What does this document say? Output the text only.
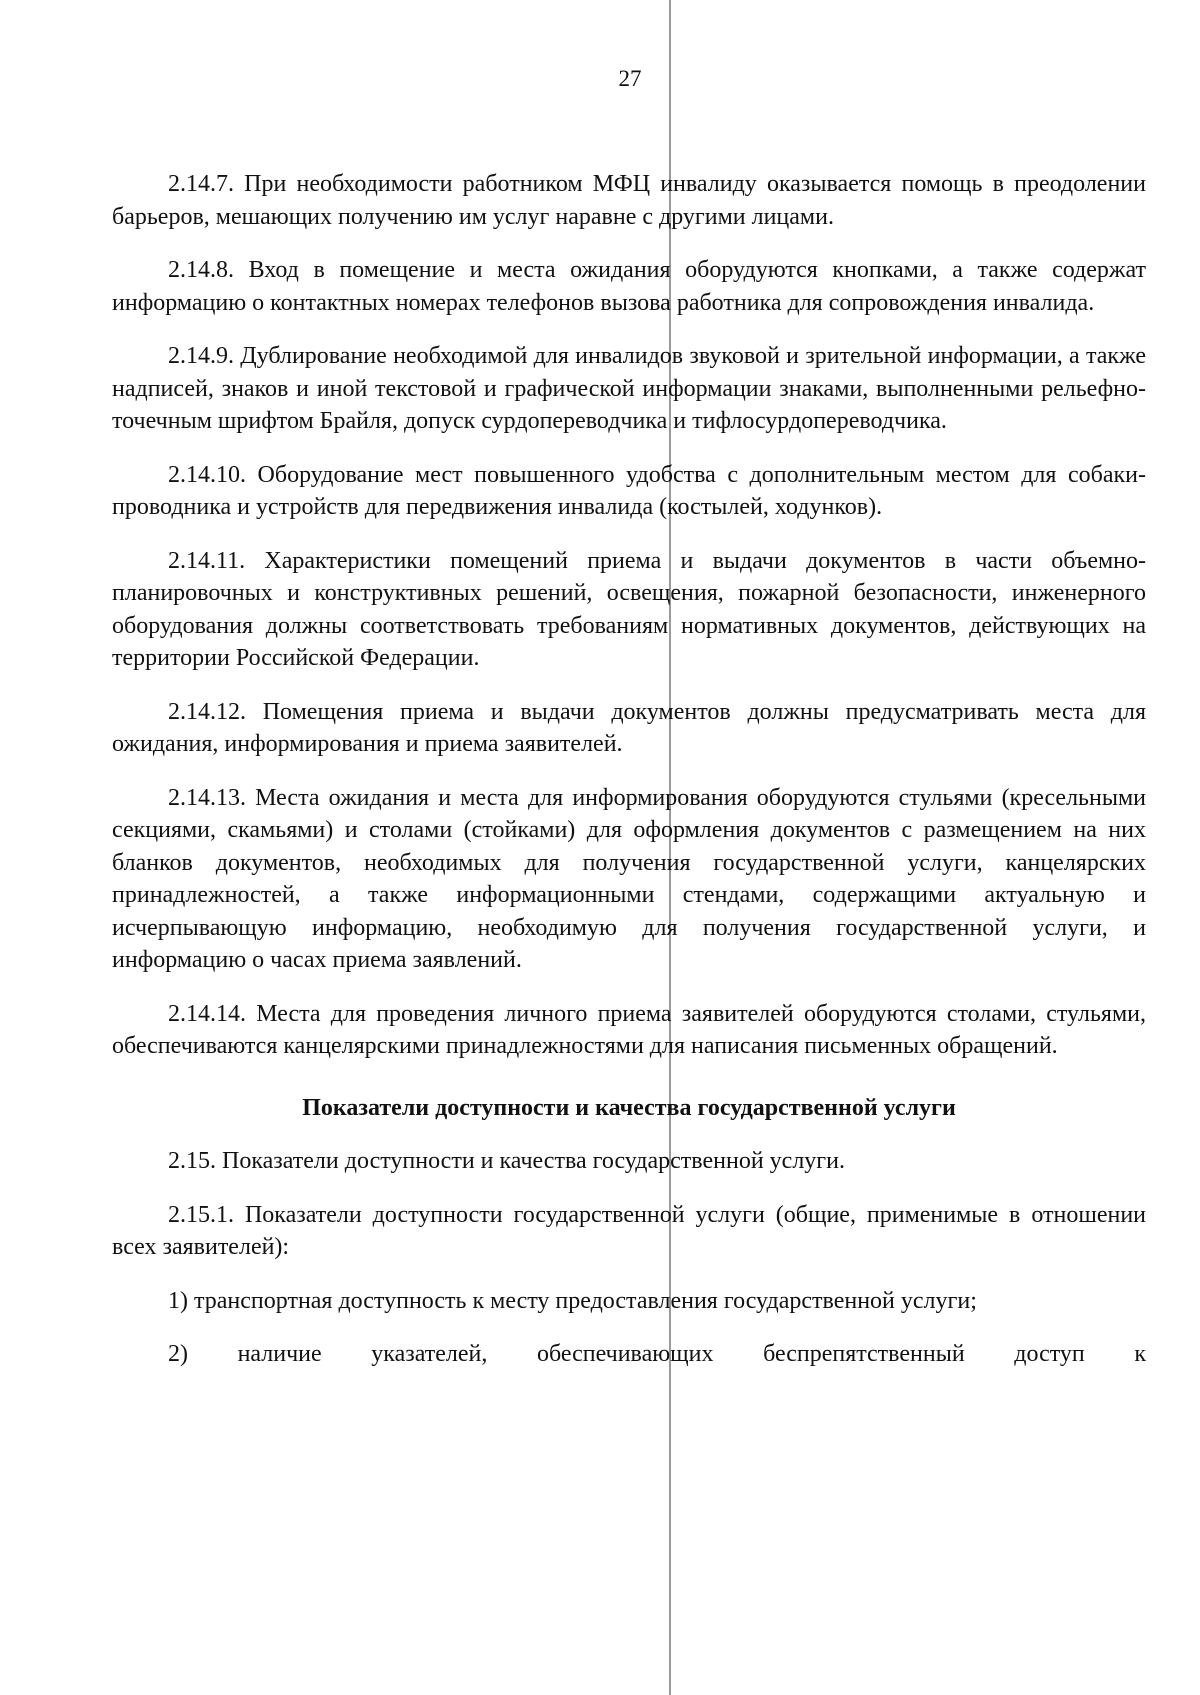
27

2.14.7. При необходимости работником МФЦ инвалиду оказывается помощь в преодолении барьеров, мешающих получению им услуг наравне с другими лицами.

2.14.8. Вход в помещение и места ожидания оборудуются кнопками, а также содержат информацию о контактных номерах телефонов вызова работника для сопровождения инвалида.

2.14.9. Дублирование необходимой для инвалидов звуковой и зрительной информации, а также надписей, знаков и иной текстовой и графической информации знаками, выполненными рельефно-точечным шрифтом Брайля, допуск сурдопереводчика и тифлосурдопереводчика.

2.14.10. Оборудование мест повышенного удобства с дополнительным местом для собаки-проводника и устройств для передвижения инвалида (костылей, ходунков).

2.14.11. Характеристики помещений приема и выдачи документов в части объемно-планировочных и конструктивных решений, освещения, пожарной безопасности, инженерного оборудования должны соответствовать требованиям нормативных документов, действующих на территории Российской Федерации.

2.14.12. Помещения приема и выдачи документов должны предусматривать места для ожидания, информирования и приема заявителей.

2.14.13. Места ожидания и места для информирования оборудуются стульями (кресельными секциями, скамьями) и столами (стойками) для оформления документов с размещением на них бланков документов, необходимых для получения государственной услуги, канцелярских принадлежностей, а также информационными стендами, содержащими актуальную и исчерпывающую информацию, необходимую для получения государственной услуги, и информацию о часах приема заявлений.

2.14.14. Места для проведения личного приема заявителей оборудуются столами, стульями, обеспечиваются канцелярскими принадлежностями для написания письменных обращений.

Показатели доступности и качества государственной услуги

2.15. Показатели доступности и качества государственной услуги.

2.15.1. Показатели доступности государственной услуги (общие, применимые в отношении всех заявителей):

1) транспортная доступность к месту предоставления государственной услуги;

2) наличие указателей, обеспечивающих беспрепятственный доступ к
